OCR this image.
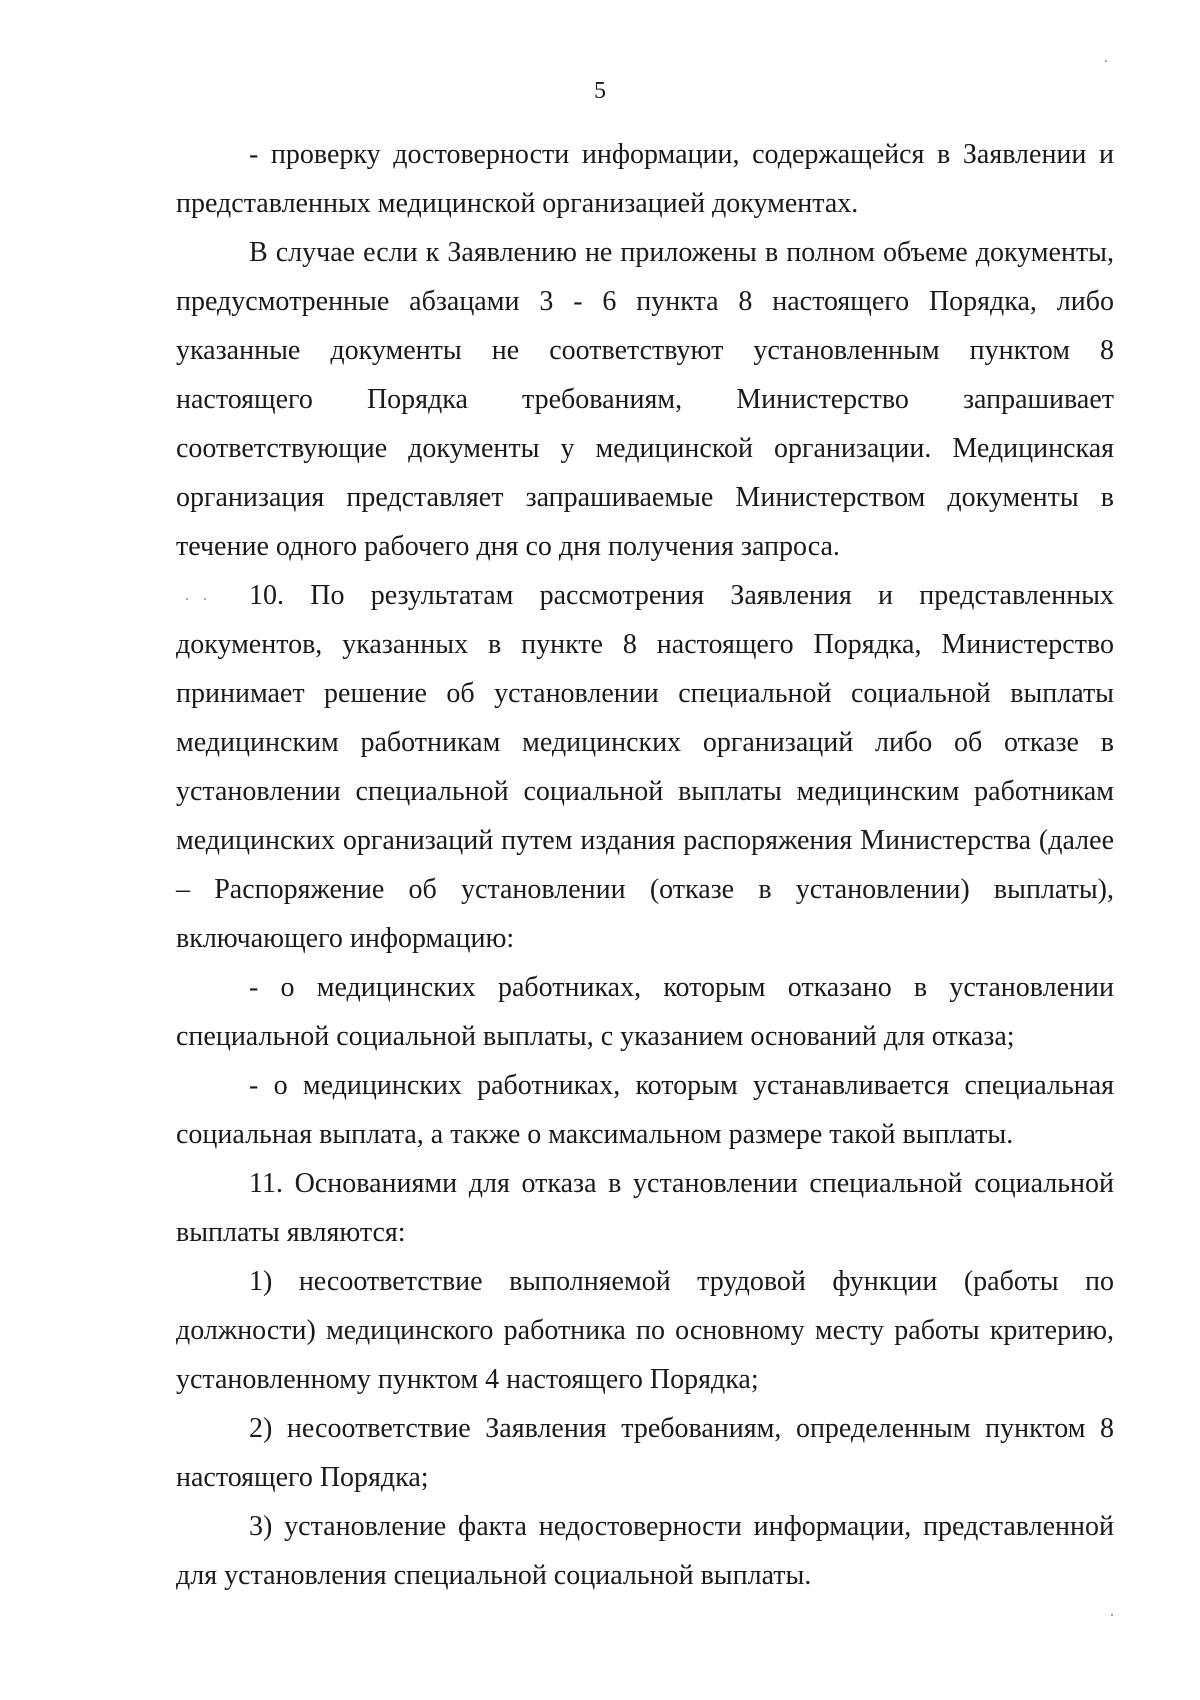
5

- проверку достоверности информации, содержащейся в Заявлении и представленных медицинской организацией документах.

В случае если к Заявлению не приложены в полном объеме документы, предусмотренные абзацами 3 - 6 пункта 8 настоящего Порядка, либо указанные документы не соответствуют установленным пунктом 8 настоящего Порядка требованиям, Министерство запрашивает соответствующие документы у медицинской организации. Медицинская организация представляет запрашиваемые Министерством документы в течение одного рабочего дня со дня получения запроса.

10. По результатам рассмотрения Заявления и представленных документов, указанных в пункте 8 настоящего Порядка, Министерство принимает решение об установлении специальной социальной выплаты медицинским работникам медицинских организаций либо об отказе в установлении специальной социальной выплаты медицинским работникам медицинских организаций путем издания распоряжения Министерства (далее – Распоряжение об установлении (отказе в установлении) выплаты), включающего информацию:

- о медицинских работниках, которым отказано в установлении специальной социальной выплаты, с указанием оснований для отказа;

- о медицинских работниках, которым устанавливается специальная социальная выплата, а также о максимальном размере такой выплаты.

11. Основаниями для отказа в установлении специальной социальной выплаты являются:

1) несоответствие выполняемой трудовой функции (работы по должности) медицинского работника по основному месту работы критерию, установленному пунктом 4 настоящего Порядка;

2) несоответствие Заявления требованиям, определенным пунктом 8 настоящего Порядка;

3) установление факта недостоверности информации, представленной для установления специальной социальной выплаты.
